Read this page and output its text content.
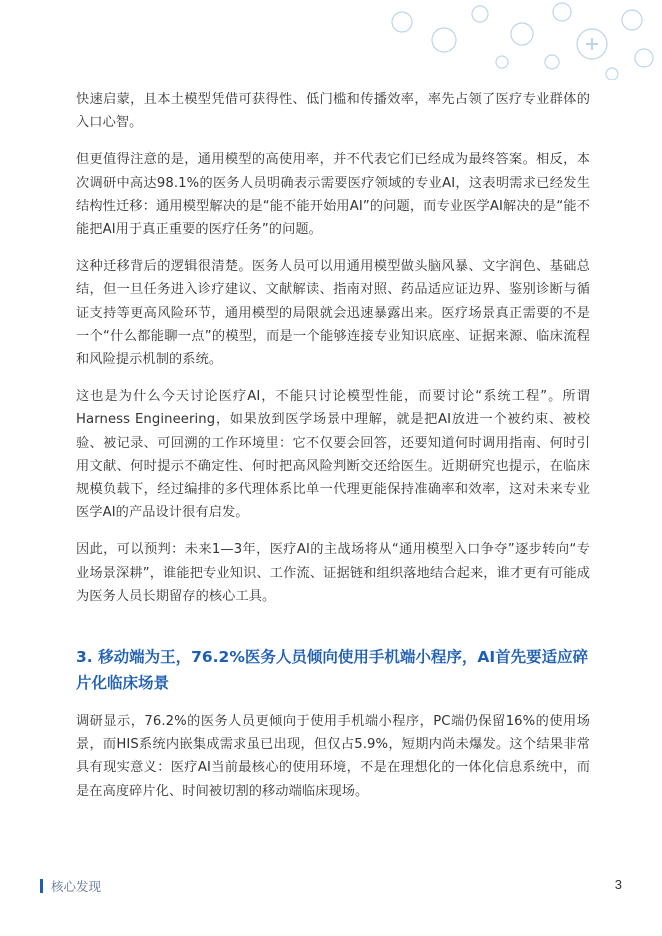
快速启蒙，且本土模型凭借可获得性、低门槛和传播效率，率先占领了医疗专业群体的入口心智。

但更值得注意的是，通用模型的高使用率，并不代表它们已经成为最终答案。相反，本次调研中高达98.1%的医务人员明确表示需要医疗领域的专业AI，这表明需求已经发生结构性迁移：通用模型解决的是“能不能开始用AI”的问题，而专业医学AI解决的是“能不能把AI用于真正重要的医疗任务”的问题。

这种迁移背后的逻辑很清楚。医务人员可以用通用模型做头脑风暴、文字润色、基础总结，但一旦任务进入诊疗建议、文献解读、指南对照、药品适应证边界、鉴别诊断与循证支持等更高风险环节，通用模型的局限就会迅速暴露出来。医疗场景真正需要的不是一个“什么都能聊一点”的模型，而是一个能够连接专业知识底座、证据来源、临床流程和风险提示机制的系统。

这也是为什么今天讨论医疗AI，不能只讨论模型性能，而要讨论“系统工程”。所谓Harness Engineering，如果放到医学场景中理解，就是把AI放进一个被约束、被校验、被记录、可回溯的工作环境里：它不仅要会回答，还要知道何时调用指南、何时引用文献、何时提示不确定性、何时把高风险判断交还给医生。近期研究也提示，在临床规模负载下，经过编排的多代理体系比单一代理更能保持准确率和效率，这对未来专业医学AI的产品设计很有启发。

因此，可以预判：未来1—3年，医疗AI的主战场将从“通用模型入口争夺”逐步转向“专业场景深耕”，谁能把专业知识、工作流、证据链和组织落地结合起来，谁才更有可能成为医务人员长期留存的核心工具。

3. 移动端为王，76.2%医务人员倾向使用手机端小程序，AI首先要适应碎片化临床场景

调研显示，76.2%的医务人员更倾向于使用手机端小程序，PC端仍保留16%的使用场景，而HIS系统内嵌集成需求虽已出现，但仅占5.9%，短期内尚未爆发。这个结果非常具有现实意义：医疗AI当前最核心的使用环境，不是在理想化的一体化信息系统中，而是在高度碎片化、时间被切割的移动端临床现场。

核心发现	3
